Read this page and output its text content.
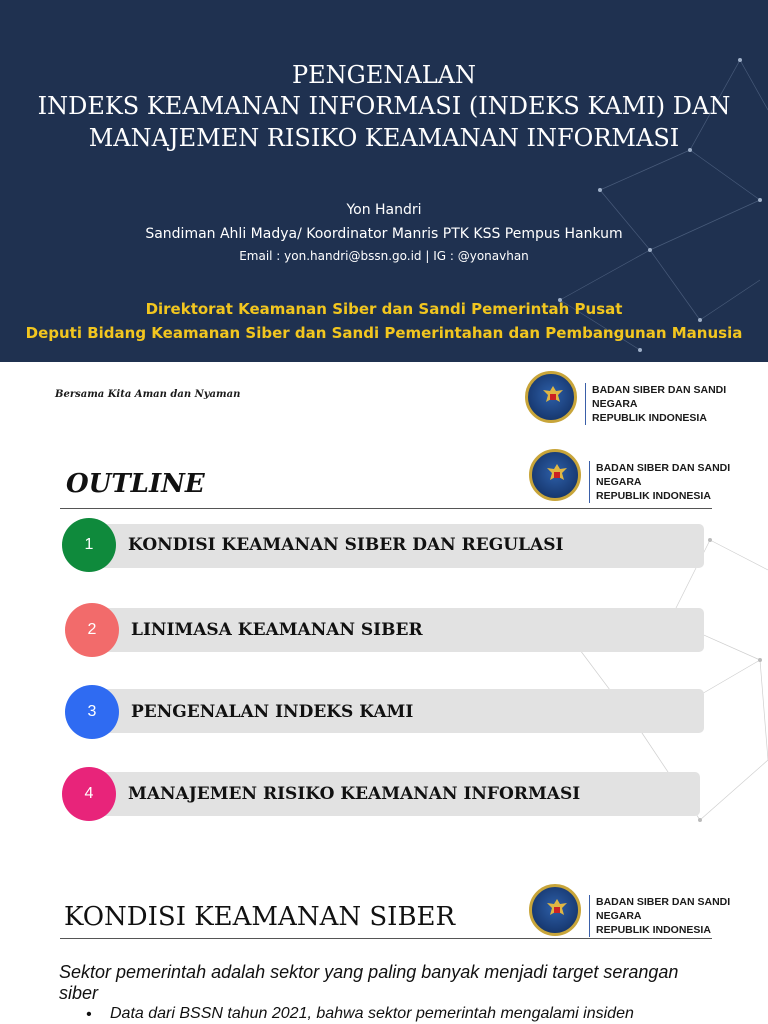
PENGENALAN
INDEKS KEAMANAN INFORMASI (INDEKS KAMI) DAN
MANAJEMEN RISIKO KEAMANAN INFORMASI
Yon Handri
Sandiman Ahli Madya/ Koordinator Manris PTK KSS Pempus Hankum
Email : yon.handri@bssn.go.id | IG : @yonavhan
Direktorat Keamanan Siber dan Sandi Pemerintah Pusat
Deputi Bidang Keamanan Siber dan Sandi Pemerintahan dan Pembangunan Manusia
Bersama Kita Aman dan Nyaman	BADAN SIBER DAN SANDI NEGARA
REPUBLIK INDONESIA
OUTLINE
BADAN SIBER DAN SANDI NEGARA
REPUBLIK INDONESIA
1	KONDISI KEAMANAN SIBER DAN REGULASI
2	LINIMASA KEAMANAN SIBER
3	PENGENALAN INDEKS KAMI
4	MANAJEMEN RISIKO KEAMANAN INFORMASI
KONDISI KEAMANAN SIBER	BADAN SIBER DAN SANDI NEGARA
REPUBLIK INDONESIA
Sektor pemerintah adalah sektor yang paling banyak menjadi target serangan siber
• Data dari BSSN tahun 2021, bahwa sektor pemerintah mengalami insiden
